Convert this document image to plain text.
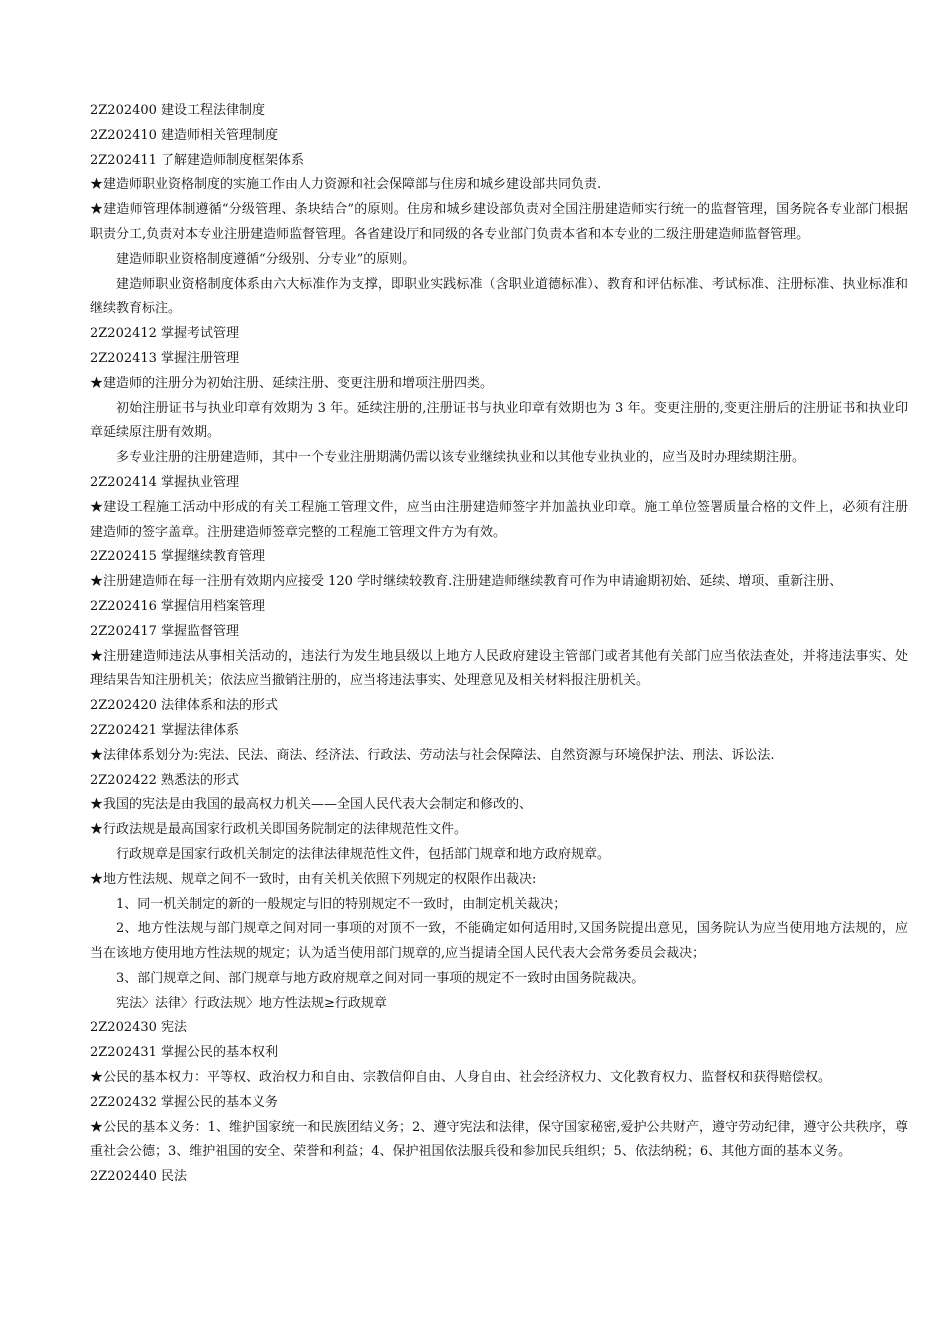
2Z202400 建设工程法律制度

2Z202410 建造师相关管理制度

2Z202411 了解建造师制度框架体系

★建造师职业资格制度的实施工作由人力资源和社会保障部与住房和城乡建设部共同负责.

★建造师管理体制遵循“分级管理、条块结合”的原则。住房和城乡建设部负责对全国注册建造师实行统一的监督管理，国务院各专业部门根据职责分工,负责对本专业注册建造师监督管理。各省建设厅和同级的各专业部门负责本省和本专业的二级注册建造师监督管理。

建造师职业资格制度遵循“分级别、分专业”的原则。

建造师职业资格制度体系由六大标准作为支撑，即职业实践标准（含职业道德标准）、教育和评估标准、考试标准、注册标准、执业标准和继续教育标注。

2Z202412 掌握考试管理

2Z202413 掌握注册管理

★建造师的注册分为初始注册、延续注册、变更注册和增项注册四类。

初始注册证书与执业印章有效期为 3 年。延续注册的,注册证书与执业印章有效期也为 3 年。变更注册的,变更注册后的注册证书和执业印章延续原注册有效期。

多专业注册的注册建造师，其中一个专业注册期满仍需以该专业继续执业和以其他专业执业的，应当及时办理续期注册。

2Z202414 掌握执业管理

★建设工程施工活动中形成的有关工程施工管理文件，应当由注册建造师签字并加盖执业印章。施工单位签署质量合格的文件上，必须有注册建造师的签字盖章。注册建造师签章完整的工程施工管理文件方为有效。

2Z202415 掌握继续教育管理

★注册建造师在每一注册有效期内应接受 120 学时继续较教育.注册建造师继续教育可作为申请逾期初始、延续、增项、重新注册、

2Z202416 掌握信用档案管理

2Z202417 掌握监督管理

★注册建造师违法从事相关活动的，违法行为发生地县级以上地方人民政府建设主管部门或者其他有关部门应当依法查处，并将违法事实、处理结果告知注册机关；依法应当撤销注册的，应当将违法事实、处理意见及相关材料报注册机关。

2Z202420 法律体系和法的形式

2Z202421 掌握法律体系

★法律体系划分为:宪法、民法、商法、经济法、行政法、劳动法与社会保障法、自然资源与环境保护法、刑法、诉讼法.

2Z202422 熟悉法的形式

★我国的宪法是由我国的最高权力机关——全国人民代表大会制定和修改的、

★行政法规是最高国家行政机关即国务院制定的法律规范性文件。

行政规章是国家行政机关制定的法律法律规范性文件，包括部门规章和地方政府规章。

★地方性法规、规章之间不一致时，由有关机关依照下列规定的权限作出裁决:

1、同一机关制定的新的一般规定与旧的特别规定不一致时，由制定机关裁决；

2、地方性法规与部门规章之间对同一事项的对顶不一致，不能确定如何适用时,又国务院提出意见，国务院认为应当使用地方法规的，应当在该地方使用地方性法规的规定；认为适当使用部门规章的,应当提请全国人民代表大会常务委员会裁决；

3、部门规章之间、部门规章与地方政府规章之间对同一事项的规定不一致时由国务院裁决。

宪法〉法律〉行政法规〉地方性法规≥行政规章

2Z202430 宪法

2Z202431 掌握公民的基本权利

★公民的基本权力：平等权、政治权力和自由、宗教信仰自由、人身自由、社会经济权力、文化教育权力、监督权和获得赔偿权。

2Z202432 掌握公民的基本义务

★公民的基本义务：1、维护国家统一和民族团结义务；2、遵守宪法和法律，保守国家秘密,爱护公共财产，遵守劳动纪律，遵守公共秩序，尊重社会公德；3、维护祖国的安全、荣誉和利益；4、保护祖国依法服兵役和参加民兵组织；5、依法纳税；6、其他方面的基本义务。

2Z202440 民法
